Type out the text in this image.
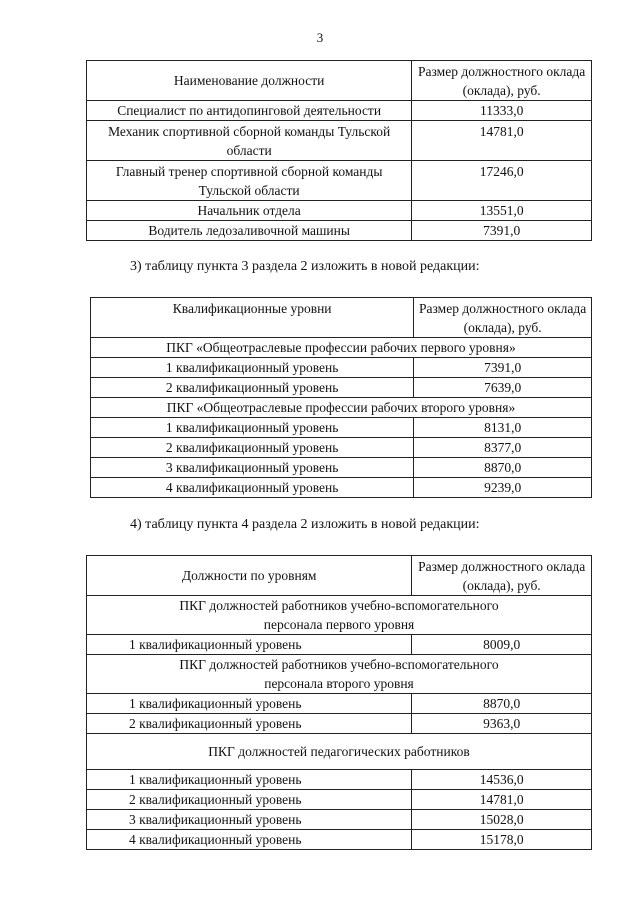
3
Наименование должности	Размер должностного оклада (оклада), руб.
Специалист по антидопинговой деятельности	11333,0
Механик спортивной сборной команды Тульской области	14781,0
Главный тренер спортивной сборной команды Тульской области	17246,0
Начальник отдела	13551,0
Водитель ледозаливочной машины	7391,0
3) таблицу пункта 3 раздела 2 изложить в новой редакции:
Квалификационные уровни	Размер должностного оклада (оклада), руб.
ПКГ «Общеотраслевые профессии рабочих первого уровня»	
1 квалификационный уровень	7391,0
2 квалификационный уровень	7639,0
ПКГ «Общеотраслевые профессии рабочих второго уровня»	
1 квалификационный уровень	8131,0
2 квалификационный уровень	8377,0
3 квалификационный уровень	8870,0
4 квалификационный уровень	9239,0
4) таблицу пункта 4 раздела 2 изложить в новой редакции:
Должности по уровням	Размер должностного оклада (оклада), руб.
ПКГ должностей работников учебно-вспомогательного персонала первого уровня	
1 квалификационный уровень	8009,0
ПКГ должностей работников учебно-вспомогательного персонала второго уровня	
1 квалификационный уровень	8870,0
2 квалификационный уровень	9363,0
ПКГ должностей педагогических работников	
1 квалификационный уровень	14536,0
2 квалификационный уровень	14781,0
3 квалификационный уровень	15028,0
4 квалификационный уровень	15178,0
